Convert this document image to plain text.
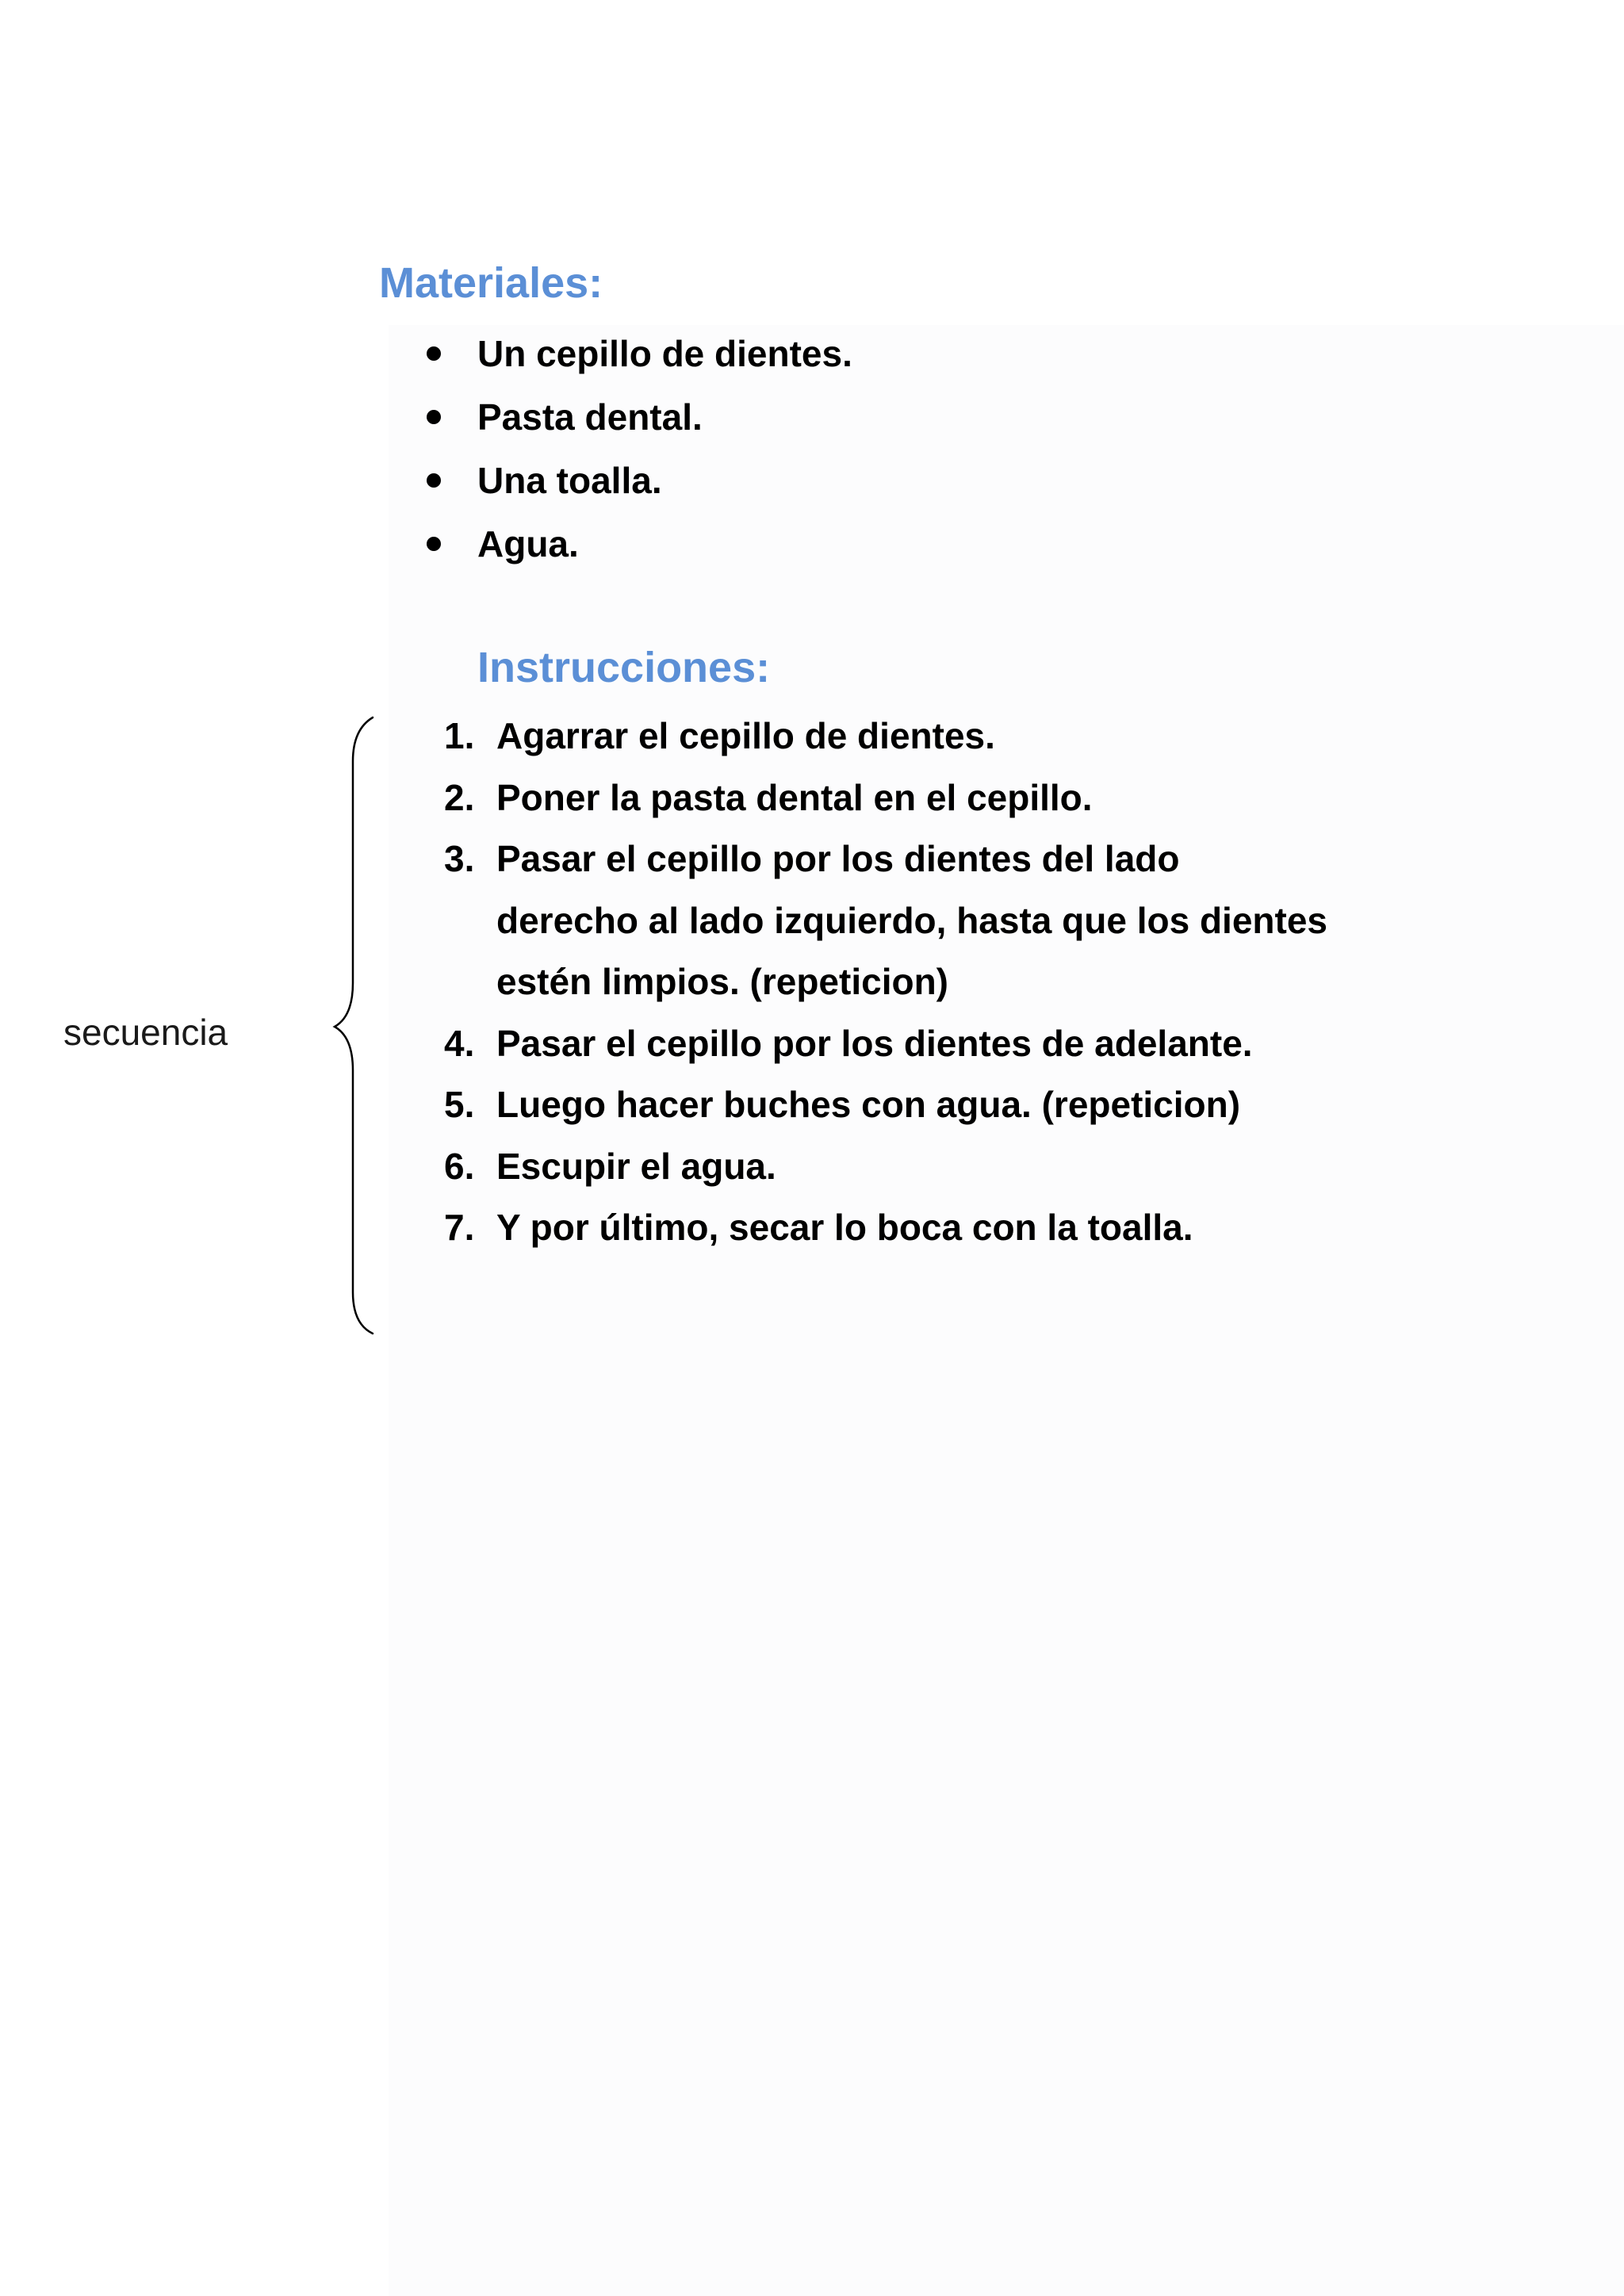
Materiales:
Un cepillo de dientes.
Pasta dental.
Una toalla.
Agua.
Instrucciones:
1. Agarrar el cepillo de dientes.
2. Poner la pasta dental en el cepillo.
3. Pasar el cepillo por los dientes del lado derecho al lado izquierdo, hasta que los dientes estén limpios. (repeticion)
4. Pasar el cepillo por los dientes de adelante.
5. Luego hacer buches con agua. (repeticion)
6. Escupir el agua.
7. Y por último, secar lo boca con la toalla.
secuencia
